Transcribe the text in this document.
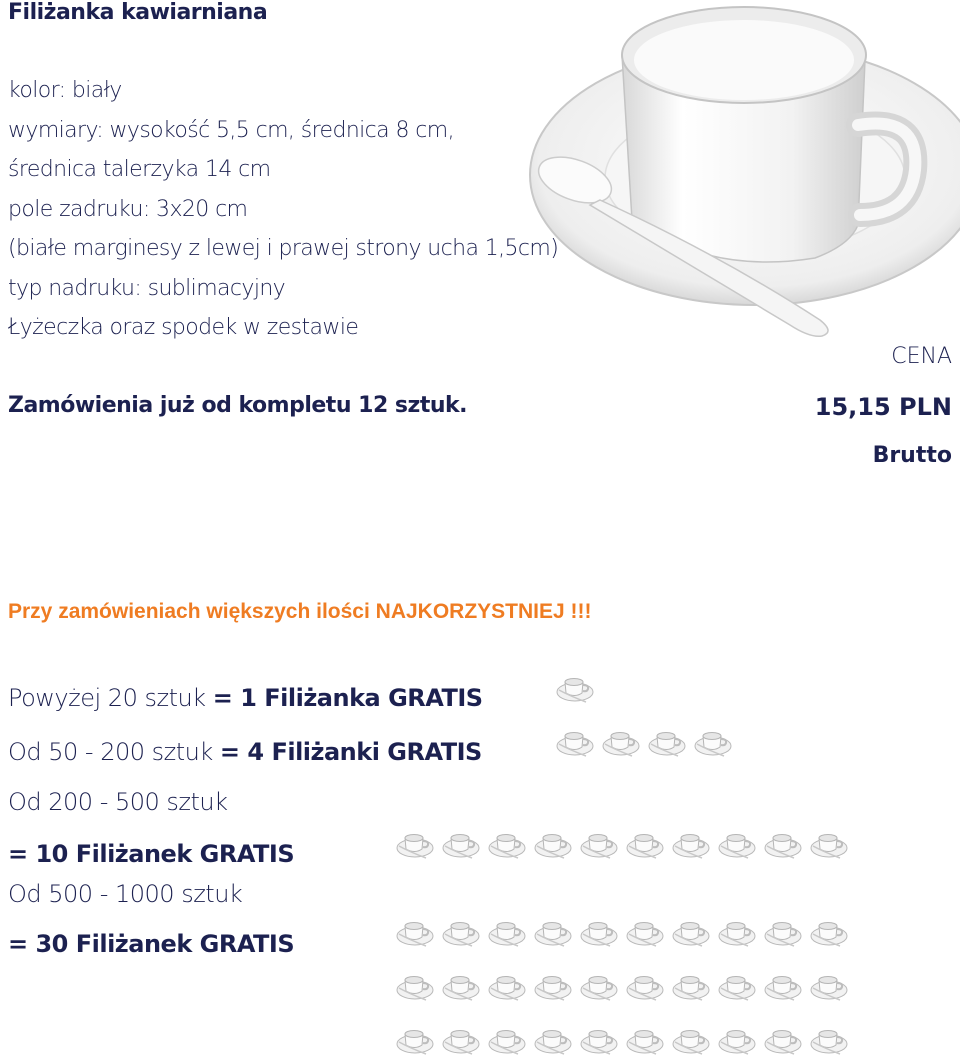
Filiżanka kawiarniana
kolor: biały
wymiary: wysokość 5,5 cm, średnica 8 cm,
średnica talerzyka 14 cm
pole zadruku: 3x20 cm
(białe marginesy z lewej i prawej strony ucha 1,5cm)
typ nadruku: sublimacyjny
Łyżeczka oraz spodek w zestawie
Zamówienia już od kompletu 12 sztuk.
CENA
15,15 PLN
Brutto
Przy zamówieniach większych ilości NAJKORZYSTNIEJ !!!
Powyżej 20 sztuk = 1 Filiżanka GRATIS
Od 50 - 200 sztuk = 4 Filiżanki GRATIS
Od 200 - 500 sztuk
= 10 Filiżanek GRATIS
Od 500 - 1000 sztuk
= 30 Filiżanek GRATIS
